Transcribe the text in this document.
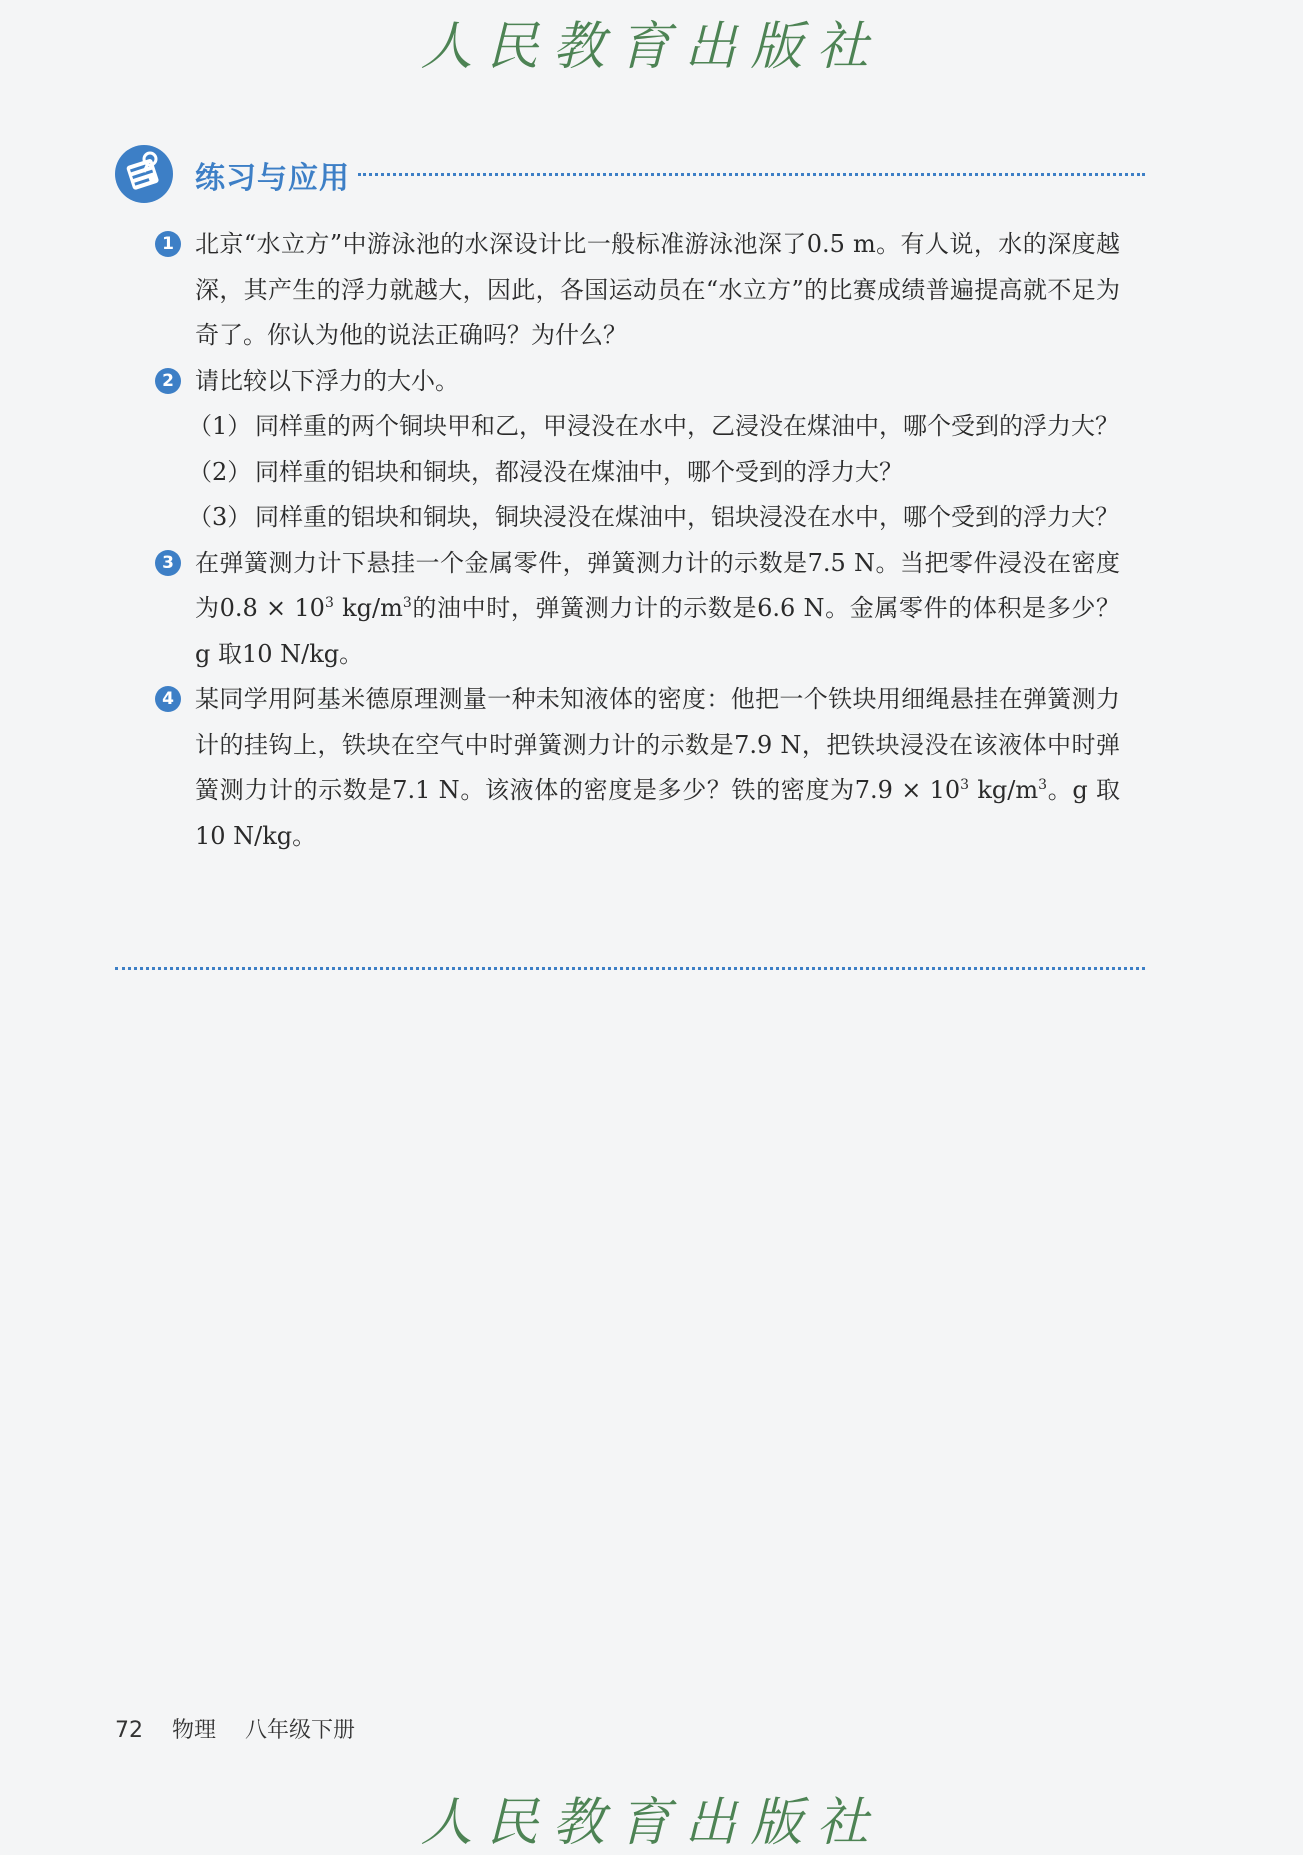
人民教育出版社
练习与应用
1 北京“水立方”中游泳池的水深设计比一般标准游泳池深了0.5 m。有人说，水的深度越深，其产生的浮力就越大，因此，各国运动员在“水立方”的比赛成绩普遍提高就不足为奇了。你认为他的说法正确吗？为什么？
2 请比较以下浮力的大小。
（1） 同样重的两个铜块甲和乙，甲浸没在水中，乙浸没在煤油中，哪个受到的浮力大？
（2） 同样重的铝块和铜块，都浸没在煤油中，哪个受到的浮力大？
（3） 同样重的铝块和铜块，铜块浸没在煤油中，铝块浸没在水中，哪个受到的浮力大？
3 在弹簧测力计下悬挂一个金属零件，弹簧测力计的示数是7.5 N。当把零件浸没在密度为$0.8 \times 10^3$ $kg/m^3$的油中时，弹簧测力计的示数是6.6 N。金属零件的体积是多少？ g 取10 N/kg。
4 某同学用阿基米德原理测量一种未知液体的密度：他把一个铁块用细绳悬挂在弹簧测力计的挂钩上，铁块在空气中时弹簧测力计的示数是7.9 N，把铁块浸没在该液体中时弹簧测力计的示数是7.1 N。该液体的密度是多少？铁的密度为$7.9 \times 10^3$ $kg/m^3$。g 取10 N/kg。
72 物理 八年级下册
人民教育出版社
